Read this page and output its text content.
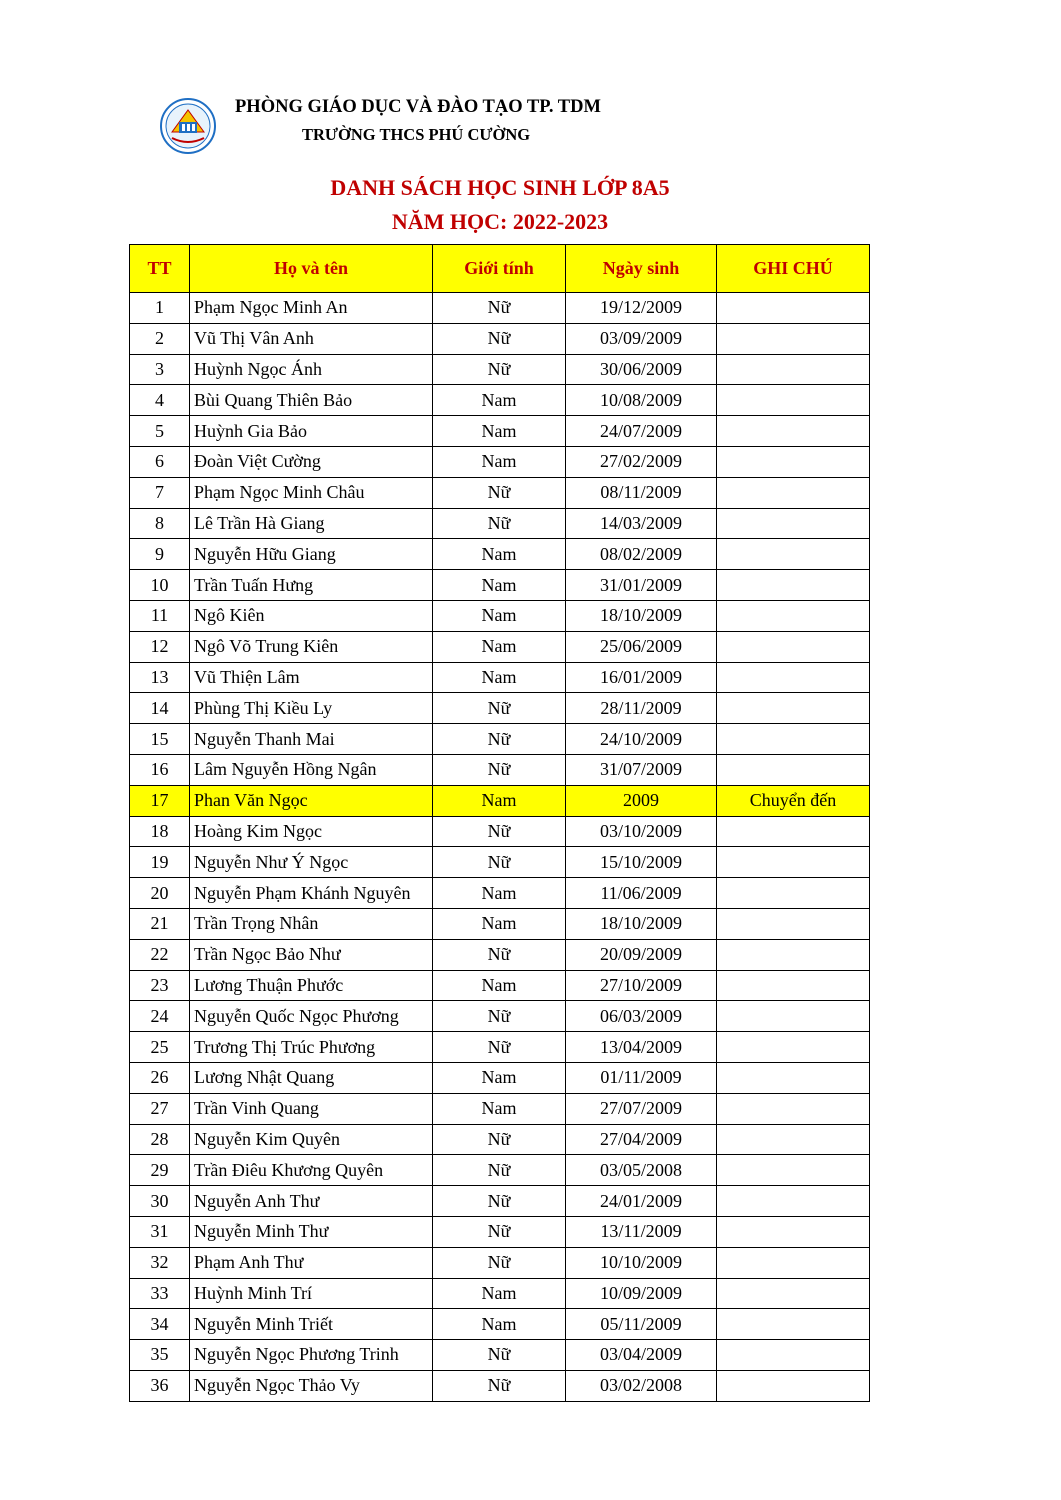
PHÒNG GIÁO DỤC VÀ ĐÀO TẠO TP. TDM
TRƯỜNG THCS PHÚ CƯỜNG
DANH SÁCH HỌC SINH LỚP 8A5
NĂM HỌC: 2022-2023
TT	Họ và tên	Giới tính	Ngày sinh	GHI CHÚ
1	Phạm Ngọc Minh An	Nữ	19/12/2009	
2	Vũ Thị Vân Anh	Nữ	03/09/2009	
3	Huỳnh Ngọc Ánh	Nữ	30/06/2009	
4	Bùi Quang Thiên Bảo	Nam	10/08/2009	
5	Huỳnh Gia Bảo	Nam	24/07/2009	
6	Đoàn Việt Cường	Nam	27/02/2009	
7	Phạm Ngọc Minh Châu	Nữ	08/11/2009	
8	Lê Trần Hà Giang	Nữ	14/03/2009	
9	Nguyễn Hữu Giang	Nam	08/02/2009	
10	Trần Tuấn Hưng	Nam	31/01/2009	
11	Ngô Kiên	Nam	18/10/2009	
12	Ngô Võ Trung Kiên	Nam	25/06/2009	
13	Vũ Thiện Lâm	Nam	16/01/2009	
14	Phùng Thị Kiều Ly	Nữ	28/11/2009	
15	Nguyễn Thanh Mai	Nữ	24/10/2009	
16	Lâm Nguyễn Hồng Ngân	Nữ	31/07/2009	
17	Phan Văn Ngọc	Nam	2009	Chuyển đến
18	Hoàng Kim Ngọc	Nữ	03/10/2009	
19	Nguyễn Như Ý Ngọc	Nữ	15/10/2009	
20	Nguyễn Phạm Khánh Nguyên	Nam	11/06/2009	
21	Trần Trọng Nhân	Nam	18/10/2009	
22	Trần Ngọc Bảo Như	Nữ	20/09/2009	
23	Lương Thuận Phước	Nam	27/10/2009	
24	Nguyễn Quốc Ngọc Phương	Nữ	06/03/2009	
25	Trương Thị Trúc Phương	Nữ	13/04/2009	
26	Lương Nhật Quang	Nam	01/11/2009	
27	Trần Vinh Quang	Nam	27/07/2009	
28	Nguyễn Kim Quyên	Nữ	27/04/2009	
29	Trần Điêu Khương Quyên	Nữ	03/05/2008	
30	Nguyễn Anh Thư	Nữ	24/01/2009	
31	Nguyễn Minh Thư	Nữ	13/11/2009	
32	Phạm Anh Thư	Nữ	10/10/2009	
33	Huỳnh Minh Trí	Nam	10/09/2009	
34	Nguyễn Minh Triết	Nam	05/11/2009	
35	Nguyễn Ngọc Phương Trinh	Nữ	03/04/2009	
36	Nguyễn Ngọc Thảo Vy	Nữ	03/02/2008	
